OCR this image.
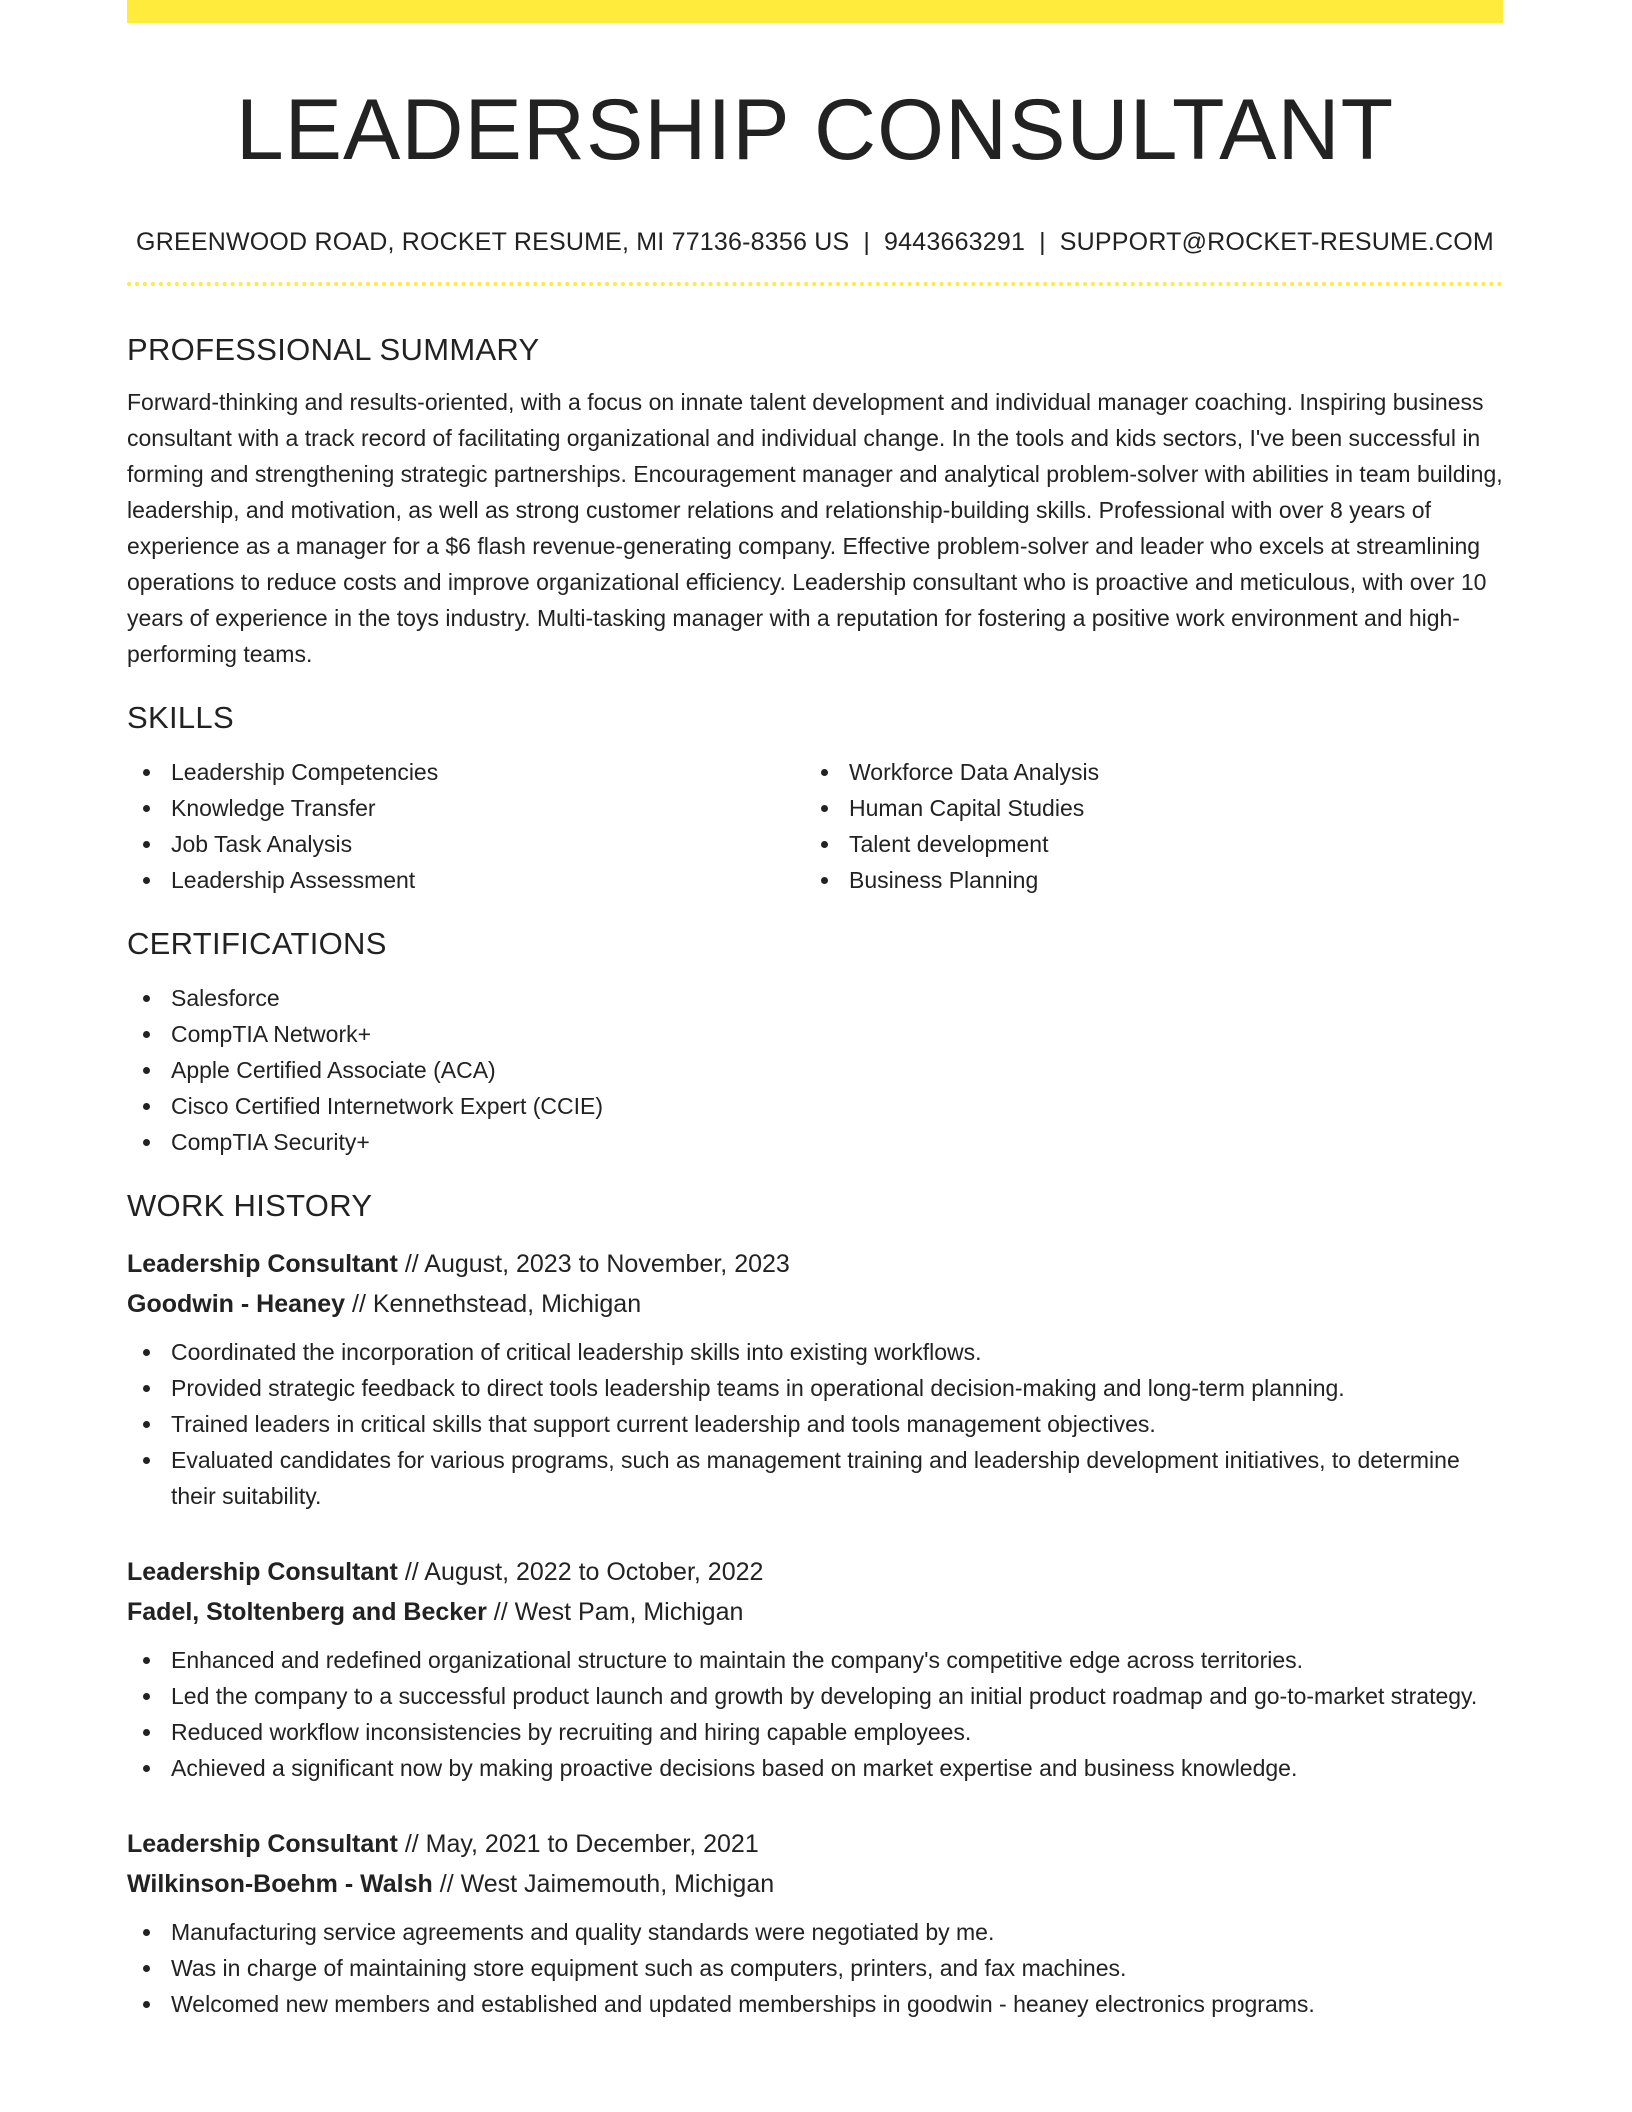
LEADERSHIP CONSULTANT
GREENWOOD ROAD, ROCKET RESUME, MI 77136-8356 US | 9443663291 | SUPPORT@ROCKET-RESUME.COM
PROFESSIONAL SUMMARY

Forward-thinking and results-oriented, with a focus on innate talent development and individual manager coaching. Inspiring business consultant with a track record of facilitating organizational and individual change. In the tools and kids sectors, I've been successful in forming and strengthening strategic partnerships. Encouragement manager and analytical problem-solver with abilities in team building, leadership, and motivation, as well as strong customer relations and relationship-building skills. Professional with over 8 years of experience as a manager for a $6 flash revenue-generating company. Effective problem-solver and leader who excels at streamlining operations to reduce costs and improve organizational efficiency. Leadership consultant who is proactive and meticulous, with over 10 years of experience in the toys industry. Multi-tasking manager with a reputation for fostering a positive work environment and high-performing teams.

SKILLS
Leadership Competencies
Knowledge Transfer
Job Task Analysis
Leadership Assessment
Workforce Data Analysis
Human Capital Studies
Talent development
Business Planning
CERTIFICATIONS
Salesforce
CompTIA Network+
Apple Certified Associate (ACA)
Cisco Certified Internetwork Expert (CCIE)
CompTIA Security+
WORK HISTORY
Leadership Consultant // August, 2023 to November, 2023
Goodwin - Heaney // Kennethstead, Michigan
Coordinated the incorporation of critical leadership skills into existing workflows.
Provided strategic feedback to direct tools leadership teams in operational decision-making and long-term planning.
Trained leaders in critical skills that support current leadership and tools management objectives.
Evaluated candidates for various programs, such as management training and leadership development initiatives, to determine their suitability.
Leadership Consultant // August, 2022 to October, 2022
Fadel, Stoltenberg and Becker // West Pam, Michigan
Enhanced and redefined organizational structure to maintain the company's competitive edge across territories.
Led the company to a successful product launch and growth by developing an initial product roadmap and go-to-market strategy.
Reduced workflow inconsistencies by recruiting and hiring capable employees.
Achieved a significant now by making proactive decisions based on market expertise and business knowledge.
Leadership Consultant // May, 2021 to December, 2021
Wilkinson-Boehm - Walsh // West Jaimemouth, Michigan
Manufacturing service agreements and quality standards were negotiated by me.
Was in charge of maintaining store equipment such as computers, printers, and fax machines.
Welcomed new members and established and updated memberships in goodwin - heaney electronics programs.
